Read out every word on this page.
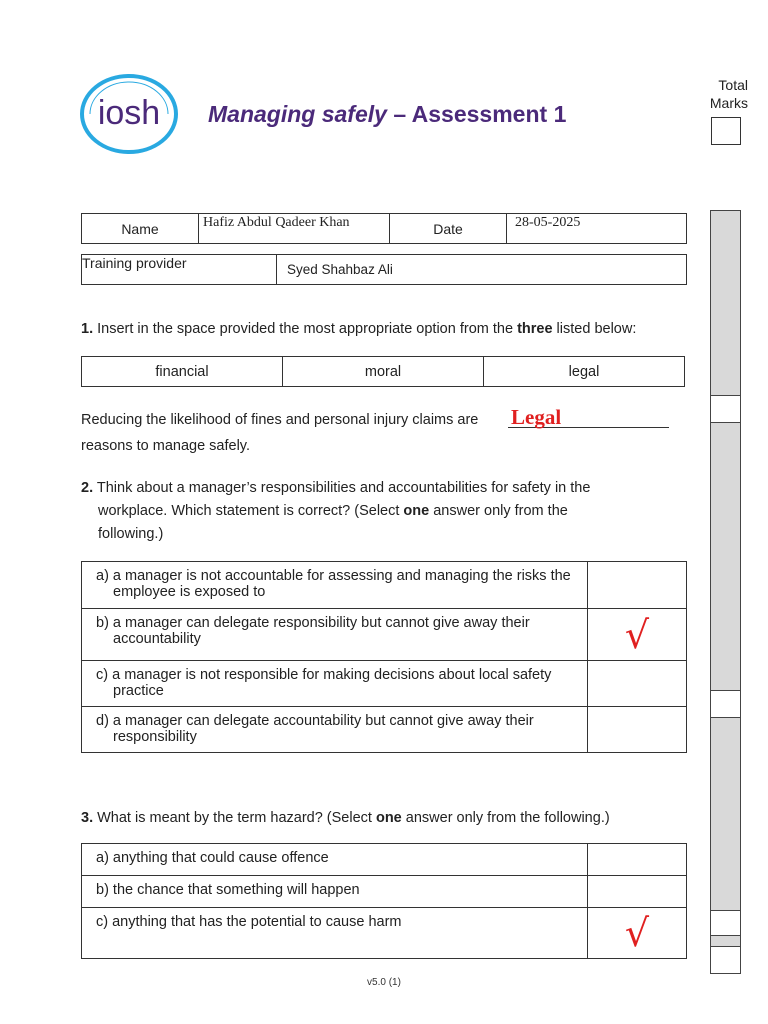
iosh Managing safely – Assessment 1
Total Marks
Name	Hafiz Abdul Qadeer Khan	Date	28-05-2025
Training provider	Syed Shahbaz Ali
1. Insert in the space provided the most appropriate option from the three listed below:
financial	moral	legal
Reducing the likelihood of fines and personal injury claims are	Legal
reasons to manage safely.
2. Think about a manager’s responsibilities and accountabilities for safety in the workplace. Which statement is correct? (Select one answer only from the following.)
a) a manager is not accountable for assessing and managing the risks the employee is exposed to	

b) a manager can delegate responsibility but cannot give away their accountability	√

c) a manager is not responsible for making decisions about local safety practice	

d) a manager can delegate accountability but cannot give away their responsibility	

3. What is meant by the term hazard? (Select one answer only from the following.)
a) anything that could cause offence	
b) the chance that something will happen	
c) anything that has the potential to cause harm	√
v5.0 (1)
